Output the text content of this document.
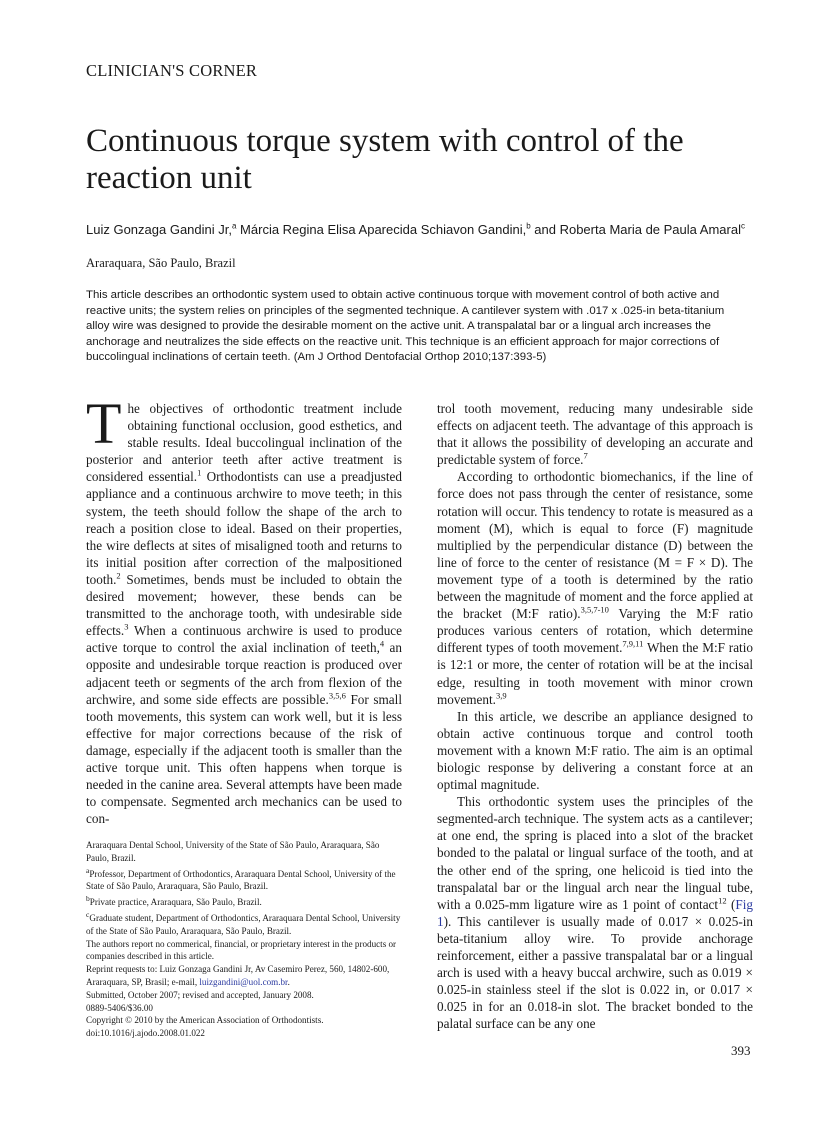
CLINICIAN'S CORNER
Continuous torque system with control of the reaction unit
Luiz Gonzaga Gandini Jr,$^a$ Márcia Regina Elisa Aparecida Schiavon Gandini,$^b$ and Roberta Maria de Paula Amaral$^c$
Araraquara, São Paulo, Brazil
This article describes an orthodontic system used to obtain active continuous torque with movement control of both active and reactive units; the system relies on principles of the segmented technique. A cantilever system with .017 x .025-in beta-titanium alloy wire was designed to provide the desirable moment on the active unit. A transpalatal bar or a lingual arch increases the anchorage and neutralizes the side effects on the reactive unit. This technique is an efficient approach for major corrections of buccolingual inclinations of certain teeth. (Am J Orthod Dentofacial Orthop 2010;137:393-5)

The objectives of orthodontic treatment include obtaining functional occlusion, good esthetics, and stable results. Ideal buccolingual inclination of the posterior and anterior teeth after active treatment is considered essential.$^1$ Orthodontists can use a preadjusted appliance and a continuous archwire to move teeth; in this system, the teeth should follow the shape of the arch to reach a position close to ideal. Based on their properties, the wire deflects at sites of misaligned tooth and returns to its initial position after correction of the malpositioned tooth.$^2$ Sometimes, bends must be included to obtain the desired movement; however, these bends can be transmitted to the anchorage tooth, with undesirable side effects.$^3$ When a continuous archwire is used to produce active torque to control the axial inclination of teeth,$^4$ an opposite and undesirable torque reaction is produced over adjacent teeth or segments of the arch from flexion of the archwire, and some side effects are possible.$^{3,5,6}$ For small tooth movements, this system can work well, but it is less effective for major corrections because of the risk of damage, especially if the adjacent tooth is smaller than the active torque unit. This often happens when torque is needed in the canine area. Several attempts have been made to compensate. Segmented arch mechanics can be used to con-

Araraquara Dental School, University of the State of São Paulo, Araraquara, São Paulo, Brazil.
$^a$Professor, Department of Orthodontics, Araraquara Dental School, University of the State of São Paulo, Araraquara, São Paulo, Brazil.
$^b$Private practice, Araraquara, São Paulo, Brazil.
$^c$Graduate student, Department of Orthodontics, Araraquara Dental School, University of the State of São Paulo, Araraquara, São Paulo, Brazil.
The authors report no commerical, financial, or proprietary interest in the products or companies described in this article.
Reprint requests to: Luiz Gonzaga Gandini Jr, Av Casemiro Perez, 560, 14802-600, Araraquara, SP, Brasil; e-mail, luizgandini@uol.com.br.
Submitted, October 2007; revised and accepted, January 2008.
0889-5406/$36.00
Copyright © 2010 by the American Association of Orthodontists.
doi:10.1016/j.ajodo.2008.01.022

trol tooth movement, reducing many undesirable side effects on adjacent teeth. The advantage of this approach is that it allows the possibility of developing an accurate and predictable system of force.$^7$

According to orthodontic biomechanics, if the line of force does not pass through the center of resistance, some rotation will occur. This tendency to rotate is measured as a moment (M), which is equal to force (F) magnitude multiplied by the perpendicular distance (D) between the line of force to the center of resistance (M = F × D). The movement type of a tooth is determined by the ratio between the magnitude of moment and the force applied at the bracket (M:F ratio).$^{3,5,7-10}$ Varying the M:F ratio produces various centers of rotation, which determine different types of tooth movement.$^{7,9,11}$ When the M:F ratio is 12:1 or more, the center of rotation will be at the incisal edge, resulting in tooth movement with minor crown movement.$^{3,9}$

In this article, we describe an appliance designed to obtain active continuous torque and control tooth movement with a known M:F ratio. The aim is an optimal biologic response by delivering a constant force at an optimal magnitude.

This orthodontic system uses the principles of the segmented-arch technique. The system acts as a cantilever; at one end, the spring is placed into a slot of the bracket bonded to the palatal or lingual surface of the tooth, and at the other end of the spring, one helicoid is tied into the transpalatal bar or the lingual arch near the lingual tube, with a 0.025-mm ligature wire as 1 point of contact$^{12}$ (Fig 1). This cantilever is usually made of 0.017 × 0.025-in beta-titanium alloy wire. To provide anchorage reinforcement, either a passive transpalatal bar or a lingual arch is used with a heavy buccal archwire, such as 0.019 × 0.025-in stainless steel if the slot is 0.022 in, or 0.017 × 0.025 in for an 0.018-in slot. The bracket bonded to the palatal surface can be any one

393
